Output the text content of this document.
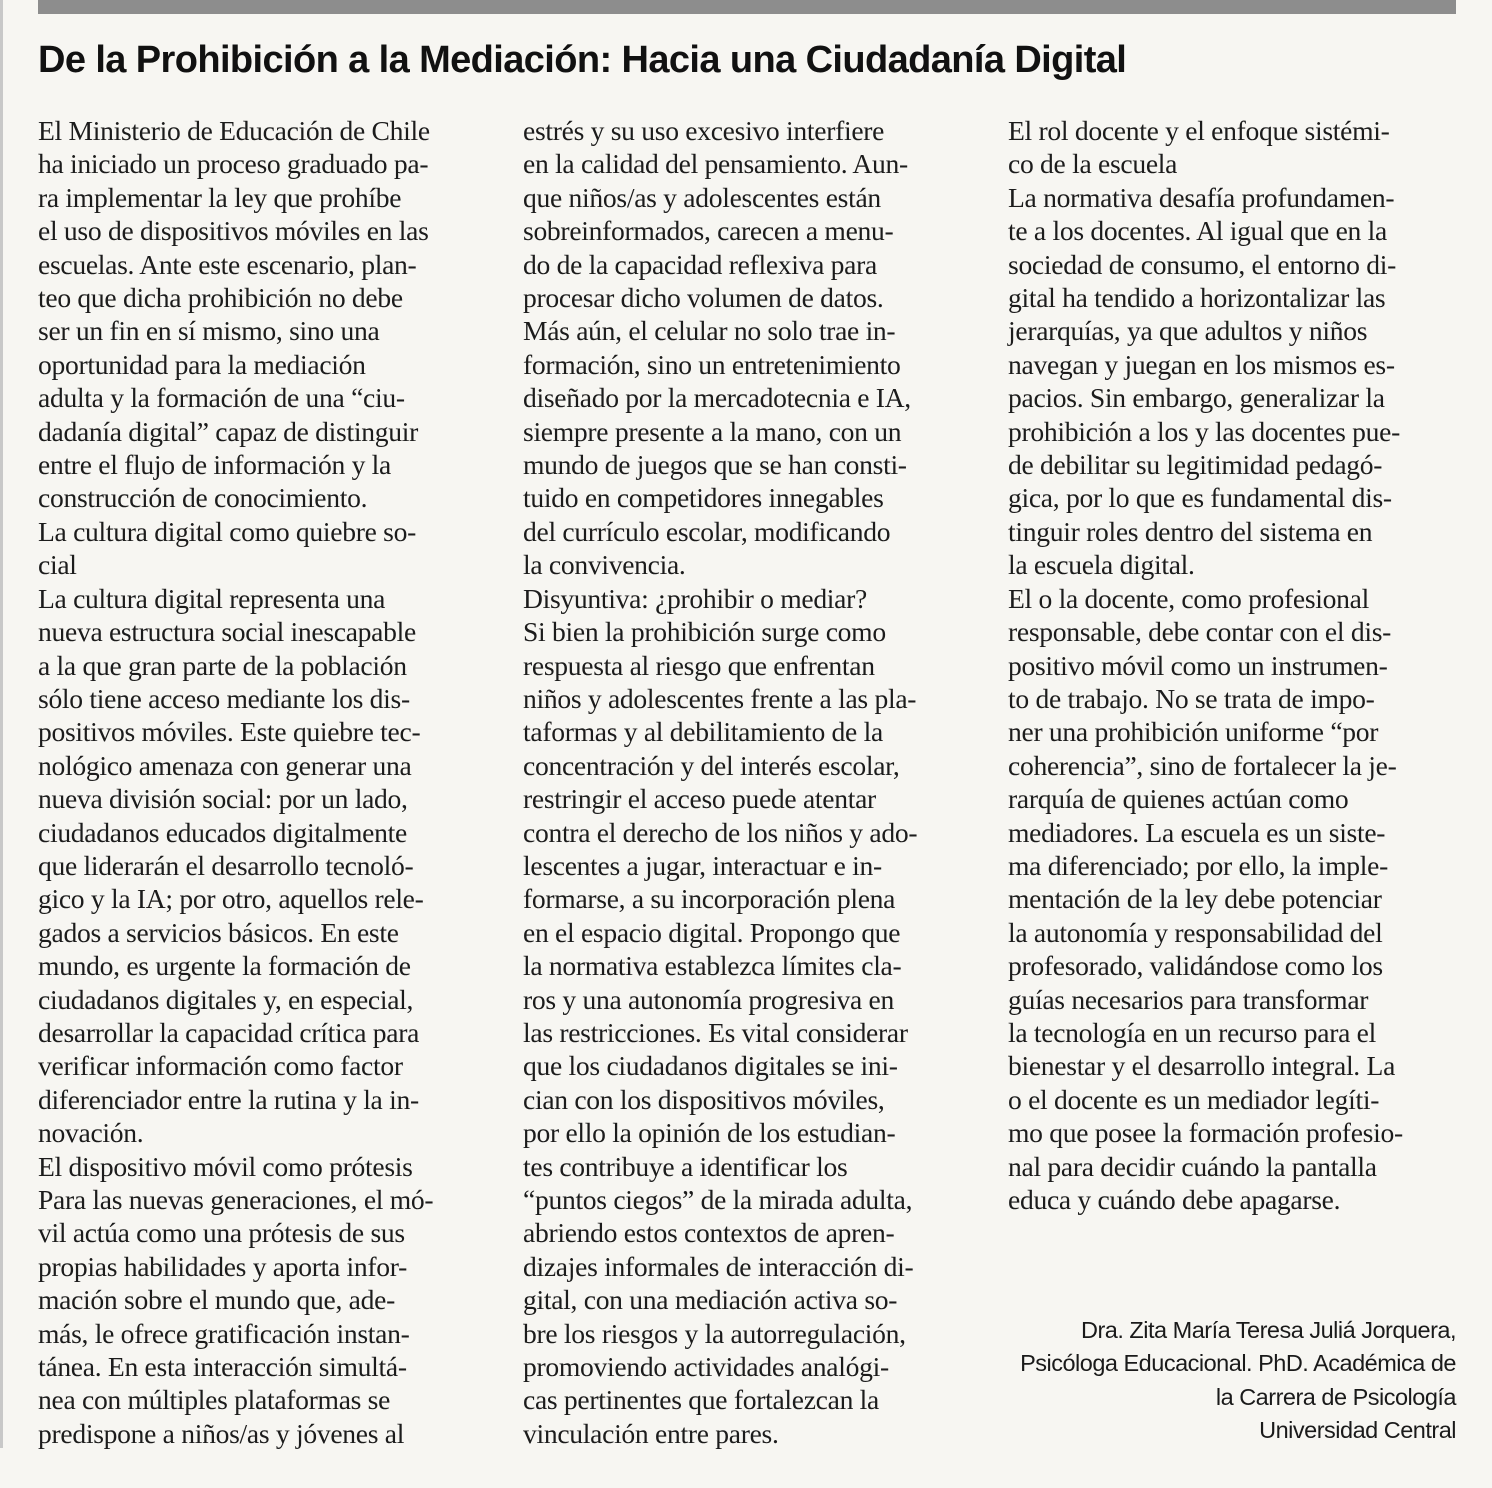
De la Prohibición a la Mediación: Hacia una Ciudadanía Digital
El Ministerio de Educación de Chile
ha iniciado un proceso graduado pa-
ra implementar la ley que prohíbe
el uso de dispositivos móviles en las
escuelas. Ante este escenario, plan-
teo que dicha prohibición no debe
ser un fin en sí mismo, sino una
oportunidad para la mediación
adulta y la formación de una “ciu-
dadanía digital” capaz de distinguir
entre el flujo de información y la
construcción de conocimiento.
La cultura digital como quiebre so-
cial
La cultura digital representa una
nueva estructura social inescapable
a la que gran parte de la población
sólo tiene acceso mediante los dis-
positivos móviles. Este quiebre tec-
nológico amenaza con generar una
nueva división social: por un lado,
ciudadanos educados digitalmente
que liderarán el desarrollo tecnoló-
gico y la IA; por otro, aquellos rele-
gados a servicios básicos. En este
mundo, es urgente la formación de
ciudadanos digitales y, en especial,
desarrollar la capacidad crítica para
verificar información como factor
diferenciador entre la rutina y la in-
novación.
El dispositivo móvil como prótesis
Para las nuevas generaciones, el mó-
vil actúa como una prótesis de sus
propias habilidades y aporta infor-
mación sobre el mundo que, ade-
más, le ofrece gratificación instan-
tánea. En esta interacción simultá-
nea con múltiples plataformas se
predispone a niños/as y jóvenes al
estrés y su uso excesivo interfiere
en la calidad del pensamiento. Aun-
que niños/as y adolescentes están
sobreinformados, carecen a menu-
do de la capacidad reflexiva para
procesar dicho volumen de datos.
Más aún, el celular no solo trae in-
formación, sino un entretenimiento
diseñado por la mercadotecnia e IA,
siempre presente a la mano, con un
mundo de juegos que se han consti-
tuido en competidores innegables
del currículo escolar, modificando
la convivencia.
Disyuntiva: ¿prohibir o mediar?
Si bien la prohibición surge como
respuesta al riesgo que enfrentan
niños y adolescentes frente a las pla-
taformas y al debilitamiento de la
concentración y del interés escolar,
restringir el acceso puede atentar
contra el derecho de los niños y ado-
lescentes a jugar, interactuar e in-
formarse, a su incorporación plena
en el espacio digital. Propongo que
la normativa establezca límites cla-
ros y una autonomía progresiva en
las restricciones. Es vital considerar
que los ciudadanos digitales se ini-
cian con los dispositivos móviles,
por ello la opinión de los estudian-
tes contribuye a identificar los
“puntos ciegos” de la mirada adulta,
abriendo estos contextos de apren-
dizajes informales de interacción di-
gital, con una mediación activa so-
bre los riesgos y la autorregulación,
promoviendo actividades analógi-
cas pertinentes que fortalezcan la
vinculación entre pares.
El rol docente y el enfoque sistémi-
co de la escuela
La normativa desafía profundamen-
te a los docentes. Al igual que en la
sociedad de consumo, el entorno di-
gital ha tendido a horizontalizar las
jerarquías, ya que adultos y niños
navegan y juegan en los mismos es-
pacios. Sin embargo, generalizar la
prohibición a los y las docentes pue-
de debilitar su legitimidad pedagó-
gica, por lo que es fundamental dis-
tinguir roles dentro del sistema en
la escuela digital.
El o la docente, como profesional
responsable, debe contar con el dis-
positivo móvil como un instrumen-
to de trabajo. No se trata de impo-
ner una prohibición uniforme “por
coherencia”, sino de fortalecer la je-
rarquía de quienes actúan como
mediadores. La escuela es un siste-
ma diferenciado; por ello, la imple-
mentación de la ley debe potenciar
la autonomía y responsabilidad del
profesorado, validándose como los
guías necesarios para transformar
la tecnología en un recurso para el
bienestar y el desarrollo integral. La
o el docente es un mediador legíti-
mo que posee la formación profesio-
nal para decidir cuándo la pantalla
educa y cuándo debe apagarse.
Dra. Zita María Teresa Juliá Jorquera,
Psicóloga Educacional. PhD. Académica de
la Carrera de Psicología
Universidad Central
